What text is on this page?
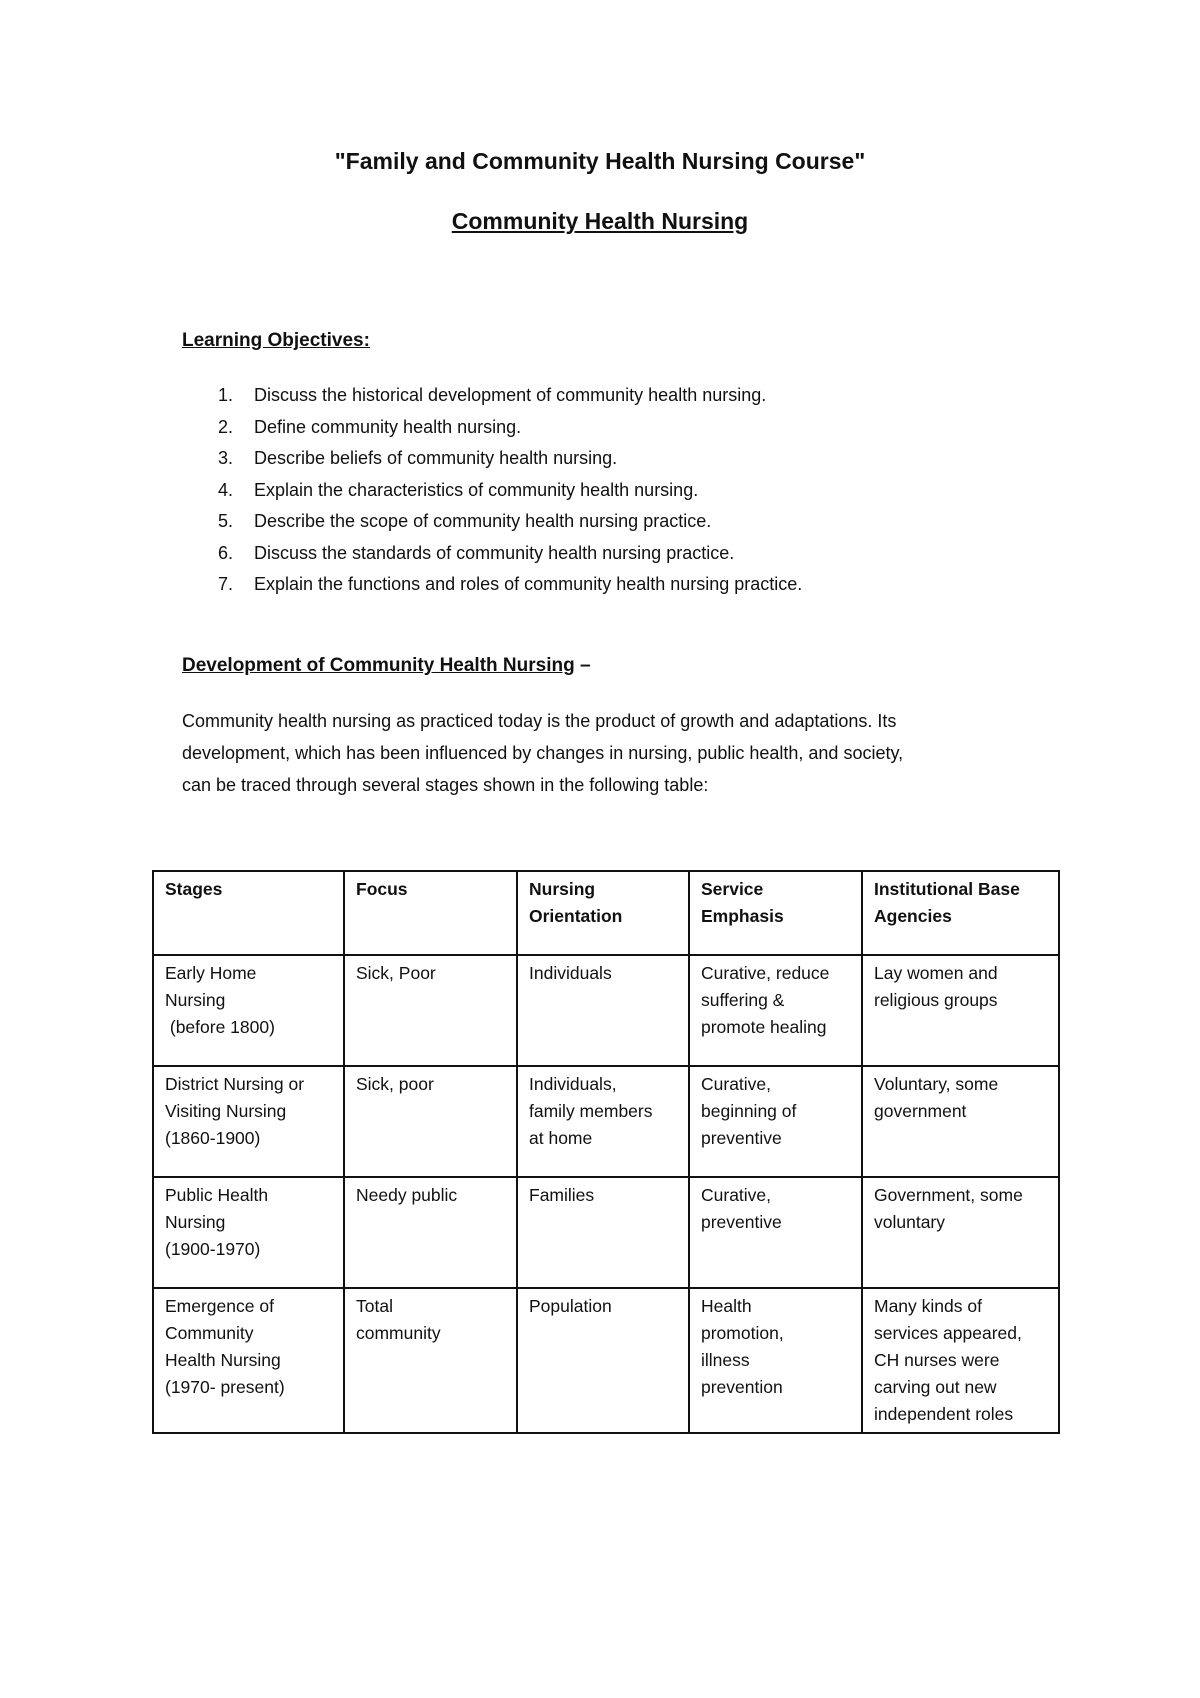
"Family and Community Health Nursing Course"
Community Health Nursing
Learning Objectives:
1. Discuss the historical development of community health nursing.
2. Define community health nursing.
3. Describe beliefs of community health nursing.
4. Explain the characteristics of community health nursing.
5. Describe the scope of community health nursing practice.
6. Discuss the standards of community health nursing practice.
7. Explain the functions and roles of community health nursing practice.
Development of Community Health Nursing –

Community health nursing as practiced today is the product of growth and adaptations. Its
development, which has been influenced by changes in nursing, public health, and society,
can be traced through several stages shown in the following table:

Stages	Focus	Nursing
Orientation	Service
Emphasis	Institutional Base
Agencies

Early Home
Nursing
(before 1800)	Sick, Poor	Individuals	Curative, reduce
suffering &
promote healing	Lay women and
religious groups

District Nursing or
Visiting Nursing
(1860-1900)	Sick, poor	Individuals,
family members
at home	Curative,
beginning of
preventive	Voluntary, some
government

Public Health
Nursing
(1900-1970)	Needy public	Families	Curative,
preventive	Government, some
voluntary

Emergence of
Community
Health Nursing
(1970- present)	Total
community	Population	Health
promotion,
illness
prevention	Many kinds of
services appeared,
CH nurses were
carving out new
independent roles
